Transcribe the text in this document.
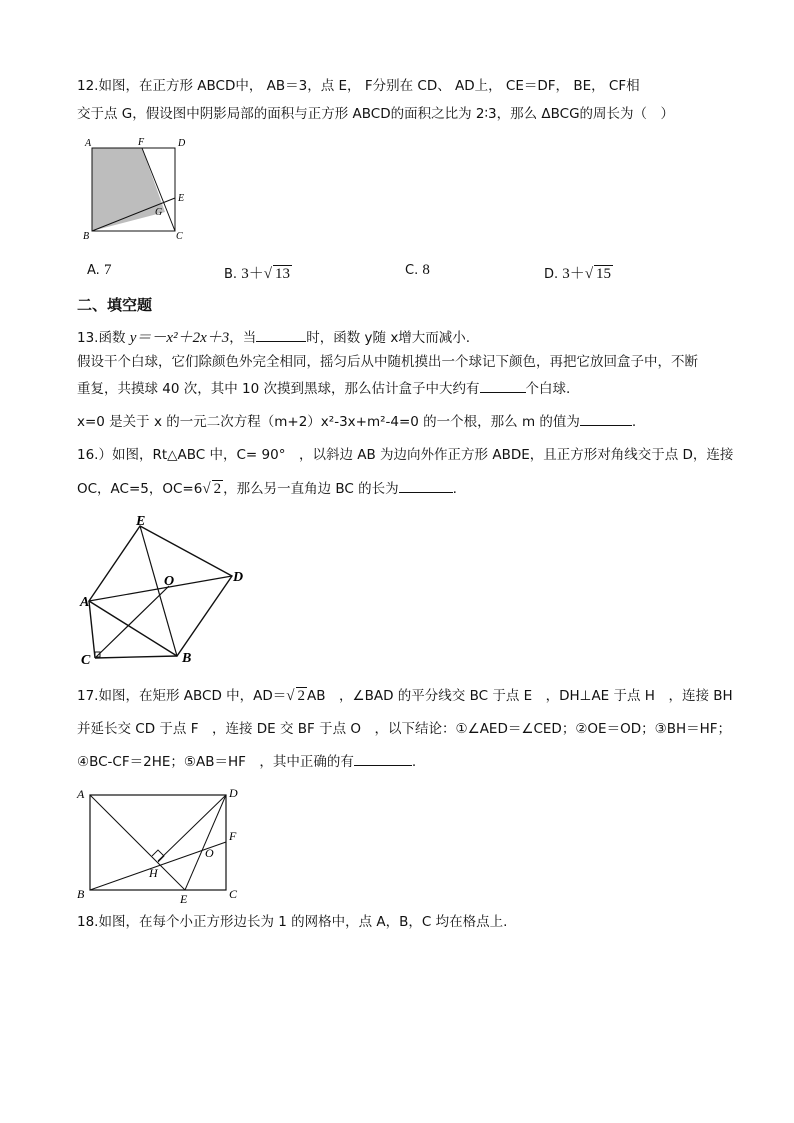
12.如图，在正方形 ABCD中， AB＝3，点 E， F分别在 CD、 AD上， CE＝DF， BE， CF相
交于点 G，假设图中阴影局部的面积与正方形 ABCD的面积之比为 2∶3，那么 ΔBCG的周长为（　）
A	F	D
E
G
B	C
A. 7	B. 3＋√ 13	C. 8	D. 3＋√ 15
二、填空题
13.函数 y＝－x²＋2x＋3，当	时，函数 y随 x增大而减小.
假设干个白球，它们除颜色外完全相同，摇匀后从中随机摸出一个球记下颜色，再把它放回盒子中，不断
重复，共摸球 40 次，其中 10 次摸到黑球，那么估计盒子中大约有	个白球.
x=0 是关于 x 的一元二次方程（m+2）x²-3x+m²-4=0 的一个根，那么 m 的值为	.
16.）如图，Rt△ABC 中，C= 90°　，以斜边 AB 为边向外作正方形 ABDE，且正方形对角线交于点 D，连接
OC，AC=5，OC=6√ 2 ，那么另一直角边 BC 的长为	.
E
O	D
A
C	B
17.如图，在矩形 ABCD 中，AD＝√ 2 AB　，∠BAD 的平分线交 BC 于点 E　，DH⊥AE 于点 H　，连接 BH
并延长交 CD 于点 F　，连接 DE 交 BF 于点 O　，以下结论：①∠AED＝∠CED；②OE＝OD；③BH＝HF；
④BC-CF＝2HE；⑤AB＝HF　，其中正确的有	.
A	D
F
O
H
B	E	C
18.如图，在每个小正方形边长为 1 的网格中，点 A，B，C 均在格点上.
